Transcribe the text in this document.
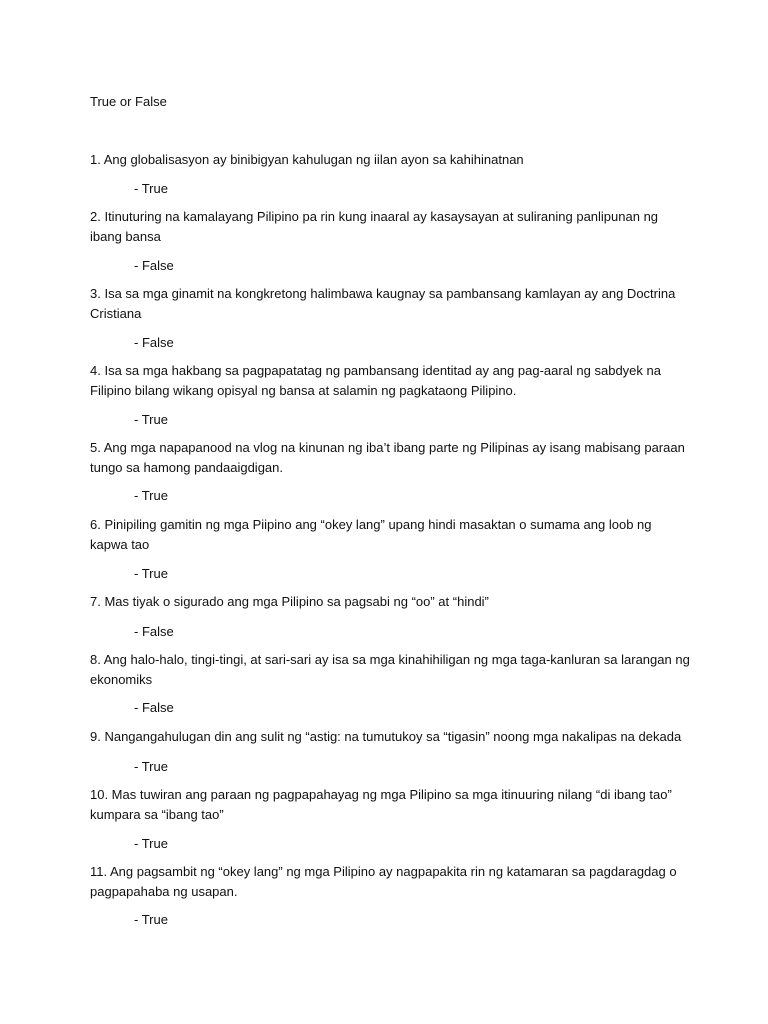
True or False
1. Ang globalisasyon ay binibigyan kahulugan ng iilan ayon sa kahihinatnan
- True
2. Itinuturing na kamalayang Pilipino pa rin kung inaaral ay kasaysayan at suliraning panlipunan ng ibang bansa
- False
3. Isa sa mga ginamit na kongkretong halimbawa kaugnay sa pambansang kamlayan ay ang Doctrina Cristiana
- False
4. Isa sa mga hakbang sa pagpapatatag ng pambansang identitad ay ang pag-aaral ng sabdyek na Filipino bilang wikang opisyal ng bansa at salamin ng pagkataong Pilipino.
- True
5. Ang mga napapanood na vlog na kinunan ng iba’t ibang parte ng Pilipinas ay isang mabisang paraan tungo sa hamong pandaaigdigan.
- True
6. Pinipiling gamitin ng mga Piipino ang “okey lang” upang hindi masaktan o sumama ang loob ng kapwa tao
- True
7. Mas tiyak o sigurado ang mga Pilipino sa pagsabi ng “oo” at “hindi”
- False
8. Ang halo-halo, tingi-tingi, at sari-sari ay isa sa mga kinahihiligan ng mga taga-kanluran sa larangan ng ekonomiks
- False
9. Nangangahulugan din ang sulit ng “astig: na tumutukoy sa “tigasin” noong mga nakalipas na dekada
- True
10. Mas tuwiran ang paraan ng pagpapahayag ng mga Pilipino sa mga itinuuring nilang “di ibang tao” kumpara sa “ibang tao”
- True
11. Ang pagsambit ng “okey lang” ng mga Pilipino ay nagpapakita rin ng katamaran sa pagdaragdag o pagpapahaba ng usapan.
- True
